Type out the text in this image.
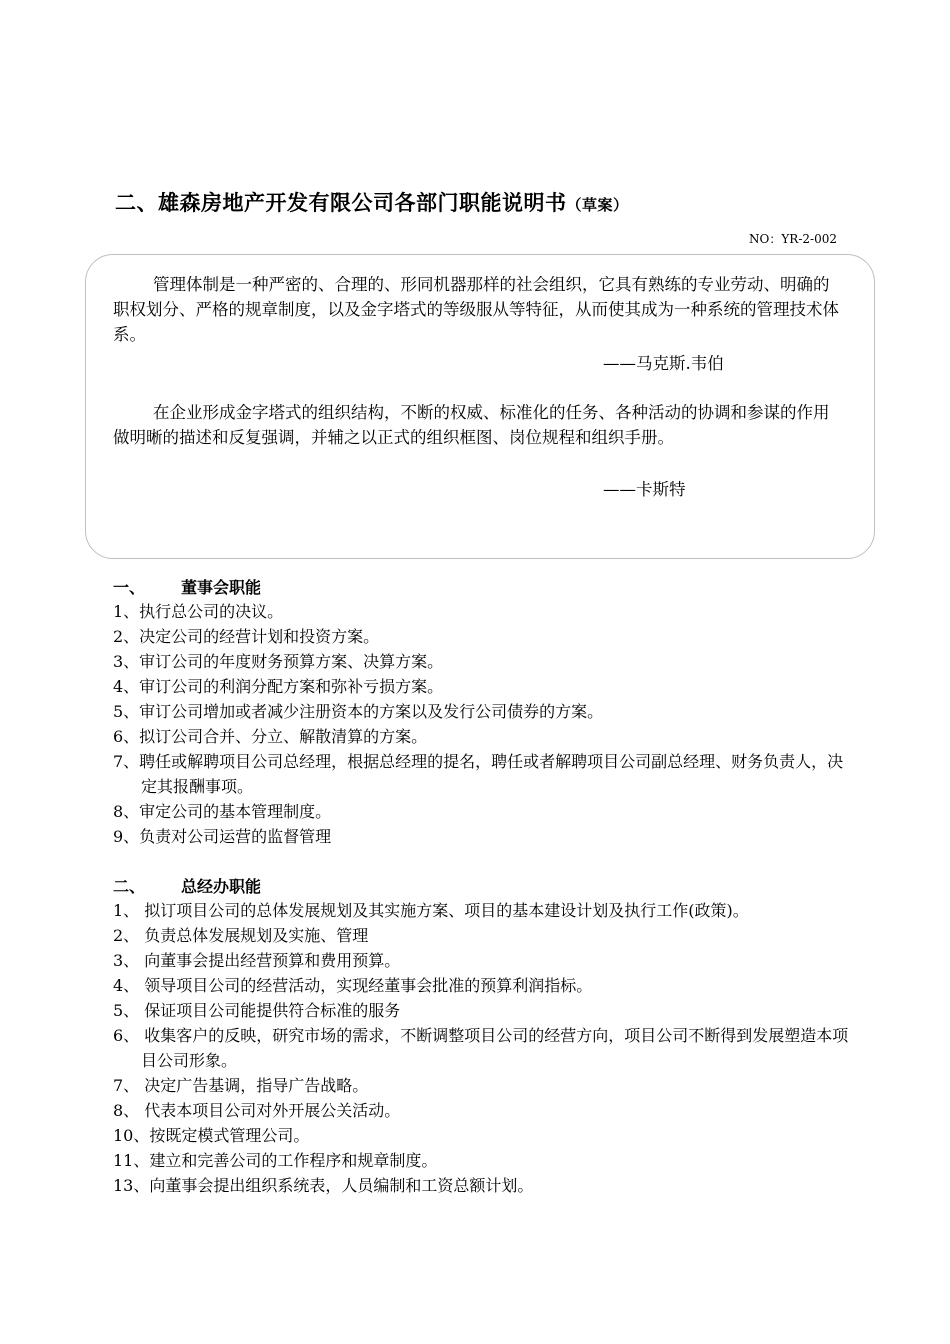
二、雄森房地产开发有限公司各部门职能说明书（草案）
NO：YR-2-002
管理体制是一种严密的、合理的、形同机器那样的社会组织，它具有熟练的专业劳动、明确的职权划分、严格的规章制度，以及金字塔式的等级服从等特征，从而使其成为一种系统的管理技术体系。
——马克斯.韦伯
在企业形成金字塔式的组织结构，不断的权威、标准化的任务、各种活动的协调和参谋的作用做明晰的描述和反复强调，并辅之以正式的组织框图、岗位规程和组织手册。
——卡斯特
一、 董事会职能
1、执行总公司的决议。
2、决定公司的经营计划和投资方案。
3、审订公司的年度财务预算方案、决算方案。
4、审订公司的利润分配方案和弥补亏损方案。
5、审订公司增加或者减少注册资本的方案以及发行公司债券的方案。
6、拟订公司合并、分立、解散清算的方案。
7、聘任或解聘项目公司总经理，根据总经理的提名，聘任或者解聘项目公司副总经理、财务负责人，决定其报酬事项。
8、审定公司的基本管理制度。
9、负责对公司运营的监督管理
二、 总经办职能
1、 拟订项目公司的总体发展规划及其实施方案、项目的基本建设计划及执行工作(政策)。
2、 负责总体发展规划及实施、管理
3、 向董事会提出经营预算和费用预算。
4、 领导项目公司的经营活动，实现经董事会批准的预算利润指标。
5、 保证项目公司能提供符合标准的服务
6、 收集客户的反映，研究市场的需求，不断调整项目公司的经营方向，项目公司不断得到发展塑造本项目公司形象。
7、 决定广告基调，指导广告战略。
8、 代表本项目公司对外开展公关活动。
10、按既定模式管理公司。
11、建立和完善公司的工作程序和规章制度。
13、向董事会提出组织系统表，人员编制和工资总额计划。
